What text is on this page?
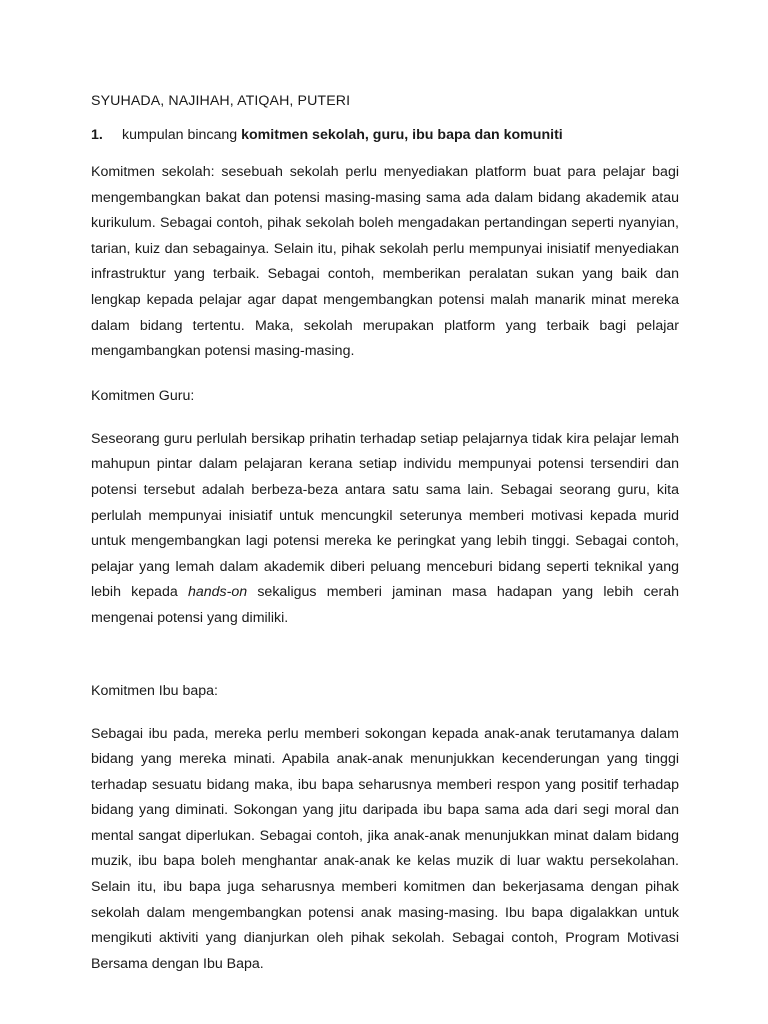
SYUHADA, NAJIHAH, ATIQAH, PUTERI

1.	kumpulan bincang komitmen sekolah, guru, ibu bapa dan komuniti

Komitmen sekolah: sesebuah sekolah perlu menyediakan platform buat para pelajar bagi mengembangkan bakat dan potensi masing-masing sama ada dalam bidang akademik atau kurikulum. Sebagai contoh, pihak sekolah boleh mengadakan pertandingan seperti nyanyian, tarian, kuiz dan sebagainya. Selain itu, pihak sekolah perlu mempunyai inisiatif menyediakan infrastruktur yang terbaik. Sebagai contoh, memberikan peralatan sukan yang baik dan lengkap kepada pelajar agar dapat mengembangkan potensi malah manarik minat mereka dalam bidang tertentu. Maka, sekolah merupakan platform yang terbaik bagi pelajar mengambangkan potensi masing-masing.

Komitmen Guru:

Seseorang guru perlulah bersikap prihatin terhadap setiap pelajarnya tidak kira pelajar lemah mahupun pintar dalam pelajaran kerana setiap individu mempunyai potensi tersendiri dan potensi tersebut adalah berbeza-beza antara satu sama lain. Sebagai seorang guru, kita perlulah mempunyai inisiatif untuk mencungkil seterunya memberi motivasi kepada murid untuk mengembangkan lagi potensi mereka ke peringkat yang lebih tinggi. Sebagai contoh, pelajar yang lemah dalam akademik diberi peluang menceburi bidang seperti teknikal yang lebih kepada hands-on sekaligus memberi jaminan masa hadapan yang lebih cerah mengenai potensi yang dimiliki.

Komitmen Ibu bapa:

Sebagai ibu pada, mereka perlu memberi sokongan kepada anak-anak terutamanya dalam bidang yang mereka minati. Apabila anak-anak menunjukkan kecenderungan yang tinggi terhadap sesuatu bidang maka, ibu bapa seharusnya memberi respon yang positif terhadap bidang yang diminati. Sokongan yang jitu daripada ibu bapa sama ada dari segi moral dan mental sangat diperlukan. Sebagai contoh, jika anak-anak menunjukkan minat dalam bidang muzik, ibu bapa boleh menghantar anak-anak ke kelas muzik di luar waktu persekolahan. Selain itu, ibu bapa juga seharusnya memberi komitmen dan bekerjasama dengan pihak sekolah dalam mengembangkan potensi anak masing-masing. Ibu bapa digalakkan untuk mengikuti aktiviti yang dianjurkan oleh pihak sekolah. Sebagai contoh, Program Motivasi Bersama dengan Ibu Bapa.
